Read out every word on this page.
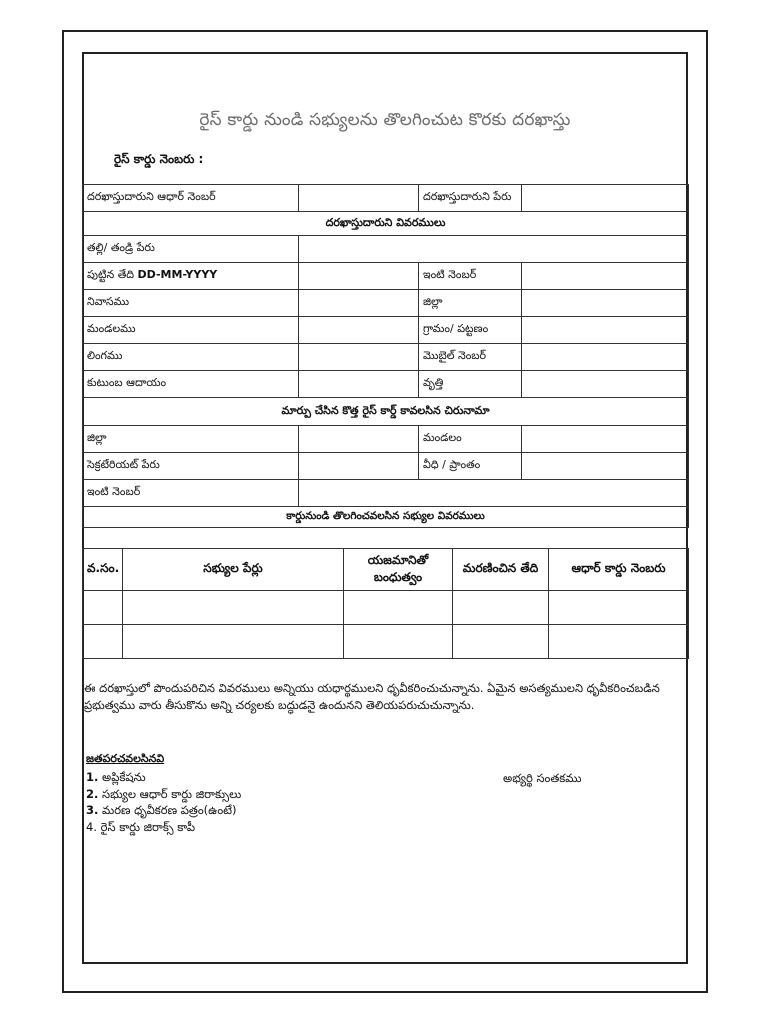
రైస్ కార్డు నుండి సభ్యులను తొలగించుట కొరకు దరఖాస్తు
రైస్ కార్డు నెంబరు :
దరఖాస్తుదారుని ఆధార్ నెంబర్		దరఖాస్తుదారుని పేరు	
దరఖాస్తుదారుని వివరములు			
తల్లి/ తండ్రి పేరు			
పుట్టిన తేది DD-MM-YYYY		ఇంటి నెంబర్	
నివాసము		జిల్లా	
మండలము		గ్రామం/ పట్టణం	
లింగము		మొబైల్ నెంబర్	
కుటుంబ ఆదాయం		వృత్తి	
మార్పు చేసిన కొత్త రైస్ కార్డ్ కావలసిన చిరునామా			
జిల్లా		మండలం	
సెక్రటేరియట్ పేరు		వీధి / ప్రాంతం	
ఇంటి నెంబర్			
కార్డునుండి తొలగించవలసిన సభ్యుల వివరములు			
వ.సం.	సభ్యుల పేర్లు	యజమానితో బంధుత్వం	మరణించిన తేది	ఆధార్ కార్డు నెంబరు

ఈ దరఖాస్తులో పొందుపరిచిన వివరములు అన్నియు యధార్థములని ధృవీకరించుచున్నాను. ఏమైన అసత్యములని ధృవీకరించబడిన ప్రభుత్వము వారు తీసుకొను అన్ని చర్యలకు బద్ధుడనై ఉందునని తెలియపరుచుచున్నాను.
జతపరచవలసినవి
1. అప్లికేషను
2. సభ్యుల ఆధార్ కార్డు జిరాక్సులు
3. మరణ ధృవీకరణ పత్రం(ఉంటే)
4. రైస్ కార్డు జిరాక్స్ కాపీ
అభ్యర్థి సంతకము
